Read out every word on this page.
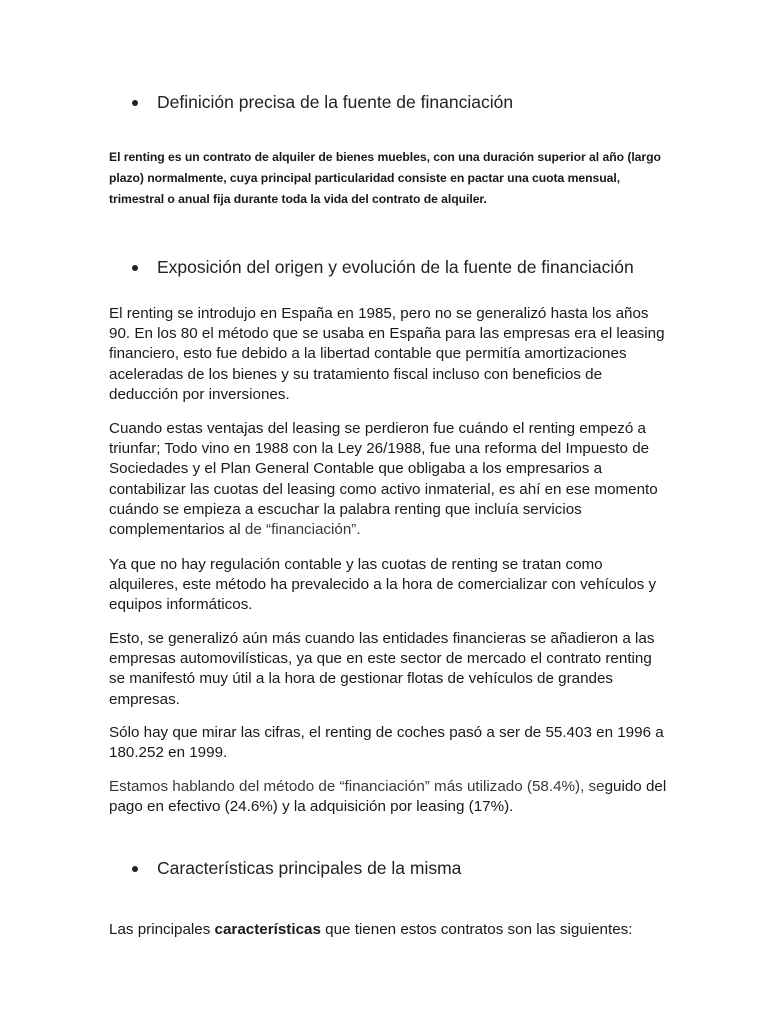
Definición precisa de la fuente de financiación

El renting es un contrato de alquiler de bienes muebles, con una duración superior al año (largo plazo) normalmente, cuya principal particularidad consiste en pactar una cuota mensual, trimestral o anual fija durante toda la vida del contrato de alquiler.

Exposición del origen y evolución de la fuente de financiación

El renting se introdujo en España en 1985, pero no se generalizó hasta los años 90. En los 80 el método que se usaba en España para las empresas era el leasing financiero, esto fue debido a la libertad contable que permitía amortizaciones aceleradas de los bienes y su tratamiento fiscal incluso con beneficios de deducción por inversiones.

Cuando estas ventajas del leasing se perdieron fue cuándo el renting empezó a triunfar; Todo vino en 1988 con la Ley 26/1988, fue una reforma del Impuesto de Sociedades y el Plan General Contable que obligaba a los empresarios a contabilizar las cuotas del leasing como activo inmaterial, es ahí en ese momento cuándo se empieza a escuchar la palabra renting que incluía servicios complementarios al de “financiación”.

Ya que no hay regulación contable y las cuotas de renting se tratan como alquileres, este método ha prevalecido a la hora de comercializar con vehículos y equipos informáticos.

Esto, se generalizó aún más cuando las entidades financieras se añadieron a las empresas automovilísticas, ya que en este sector de mercado el contrato renting se manifestó muy útil a la hora de gestionar flotas de vehículos de grandes empresas.

Sólo hay que mirar las cifras, el renting de coches pasó a ser de 55.403 en 1996 a 180.252 en 1999.

Estamos hablando del método de “financiación” más utilizado (58.4%), seguido del pago en efectivo (24.6%) y la adquisición por leasing (17%).

Características principales de la misma

Las principales características que tienen estos contratos son las siguientes:
